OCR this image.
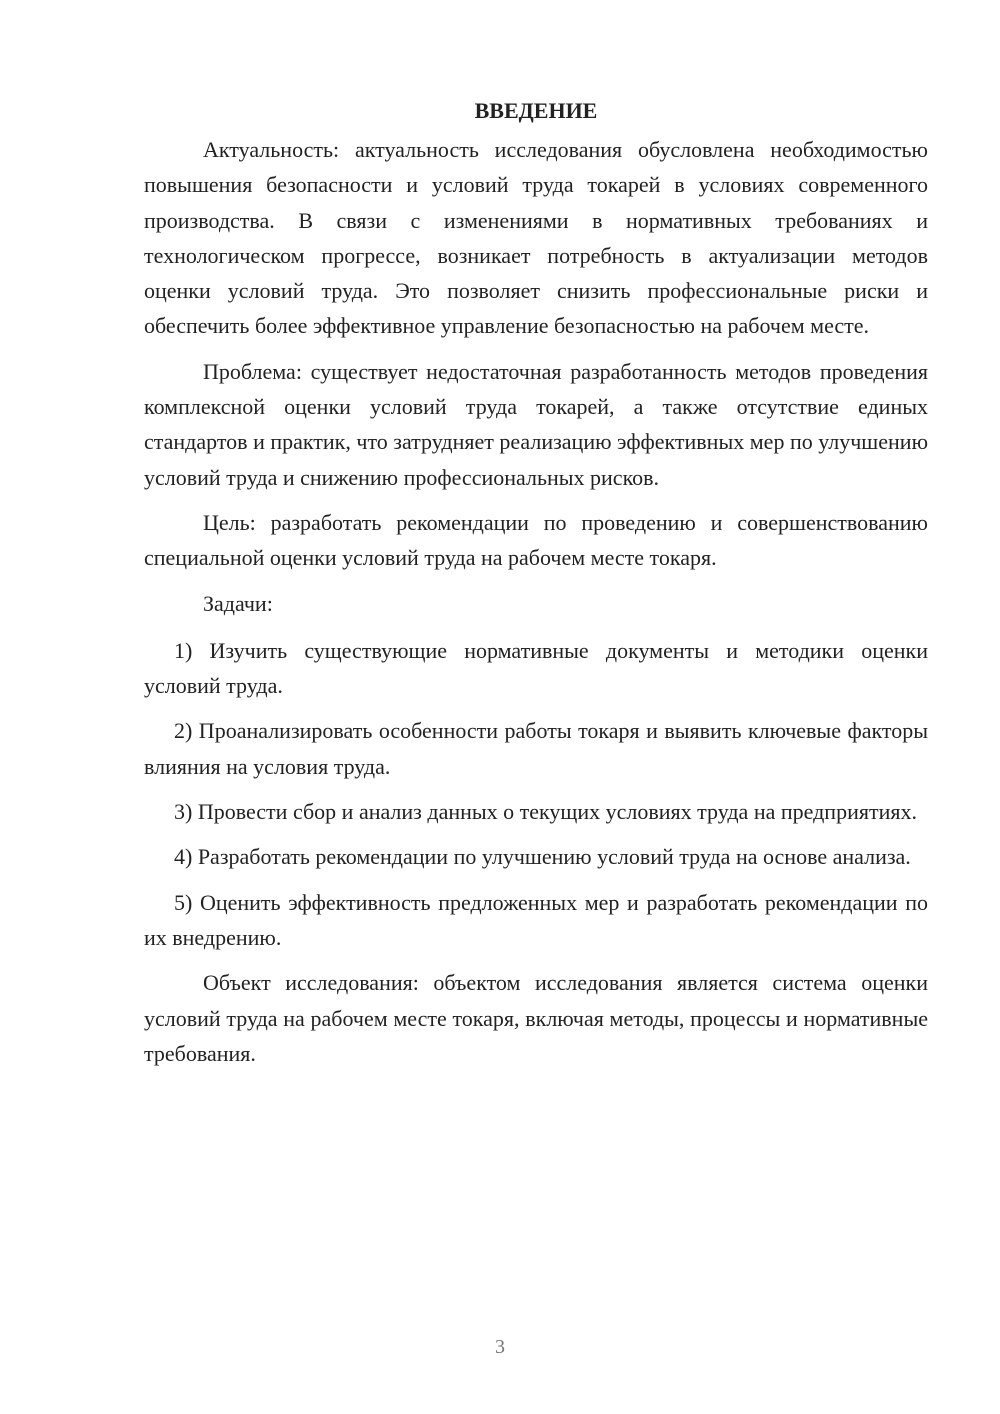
ВВЕДЕНИЕ

Актуальность: актуальность исследования обусловлена необходимостью повышения безопасности и условий труда токарей в условиях современного производства. В связи с изменениями в нормативных требованиях и технологическом прогрессе, возникает потребность в актуализации методов оценки условий труда. Это позволяет снизить профессиональные риски и обеспечить более эффективное управление безопасностью на рабочем месте.

Проблема: существует недостаточная разработанность методов проведения комплексной оценки условий труда токарей, а также отсутствие единых стандартов и практик, что затрудняет реализацию эффективных мер по улучшению условий труда и снижению профессиональных рисков.

Цель: разработать рекомендации по проведению и совершенствованию специальной оценки условий труда на рабочем месте токаря.

Задачи:

1) Изучить существующие нормативные документы и методики оценки условий труда.

2) Проанализировать особенности работы токаря и выявить ключевые факторы влияния на условия труда.

3) Провести сбор и анализ данных о текущих условиях труда на предприятиях.

4) Разработать рекомендации по улучшению условий труда на основе анализа.

5) Оценить эффективность предложенных мер и разработать рекомендации по их внедрению.

Объект исследования: объектом исследования является система оценки условий труда на рабочем месте токаря, включая методы, процессы и нормативные требования.

3
